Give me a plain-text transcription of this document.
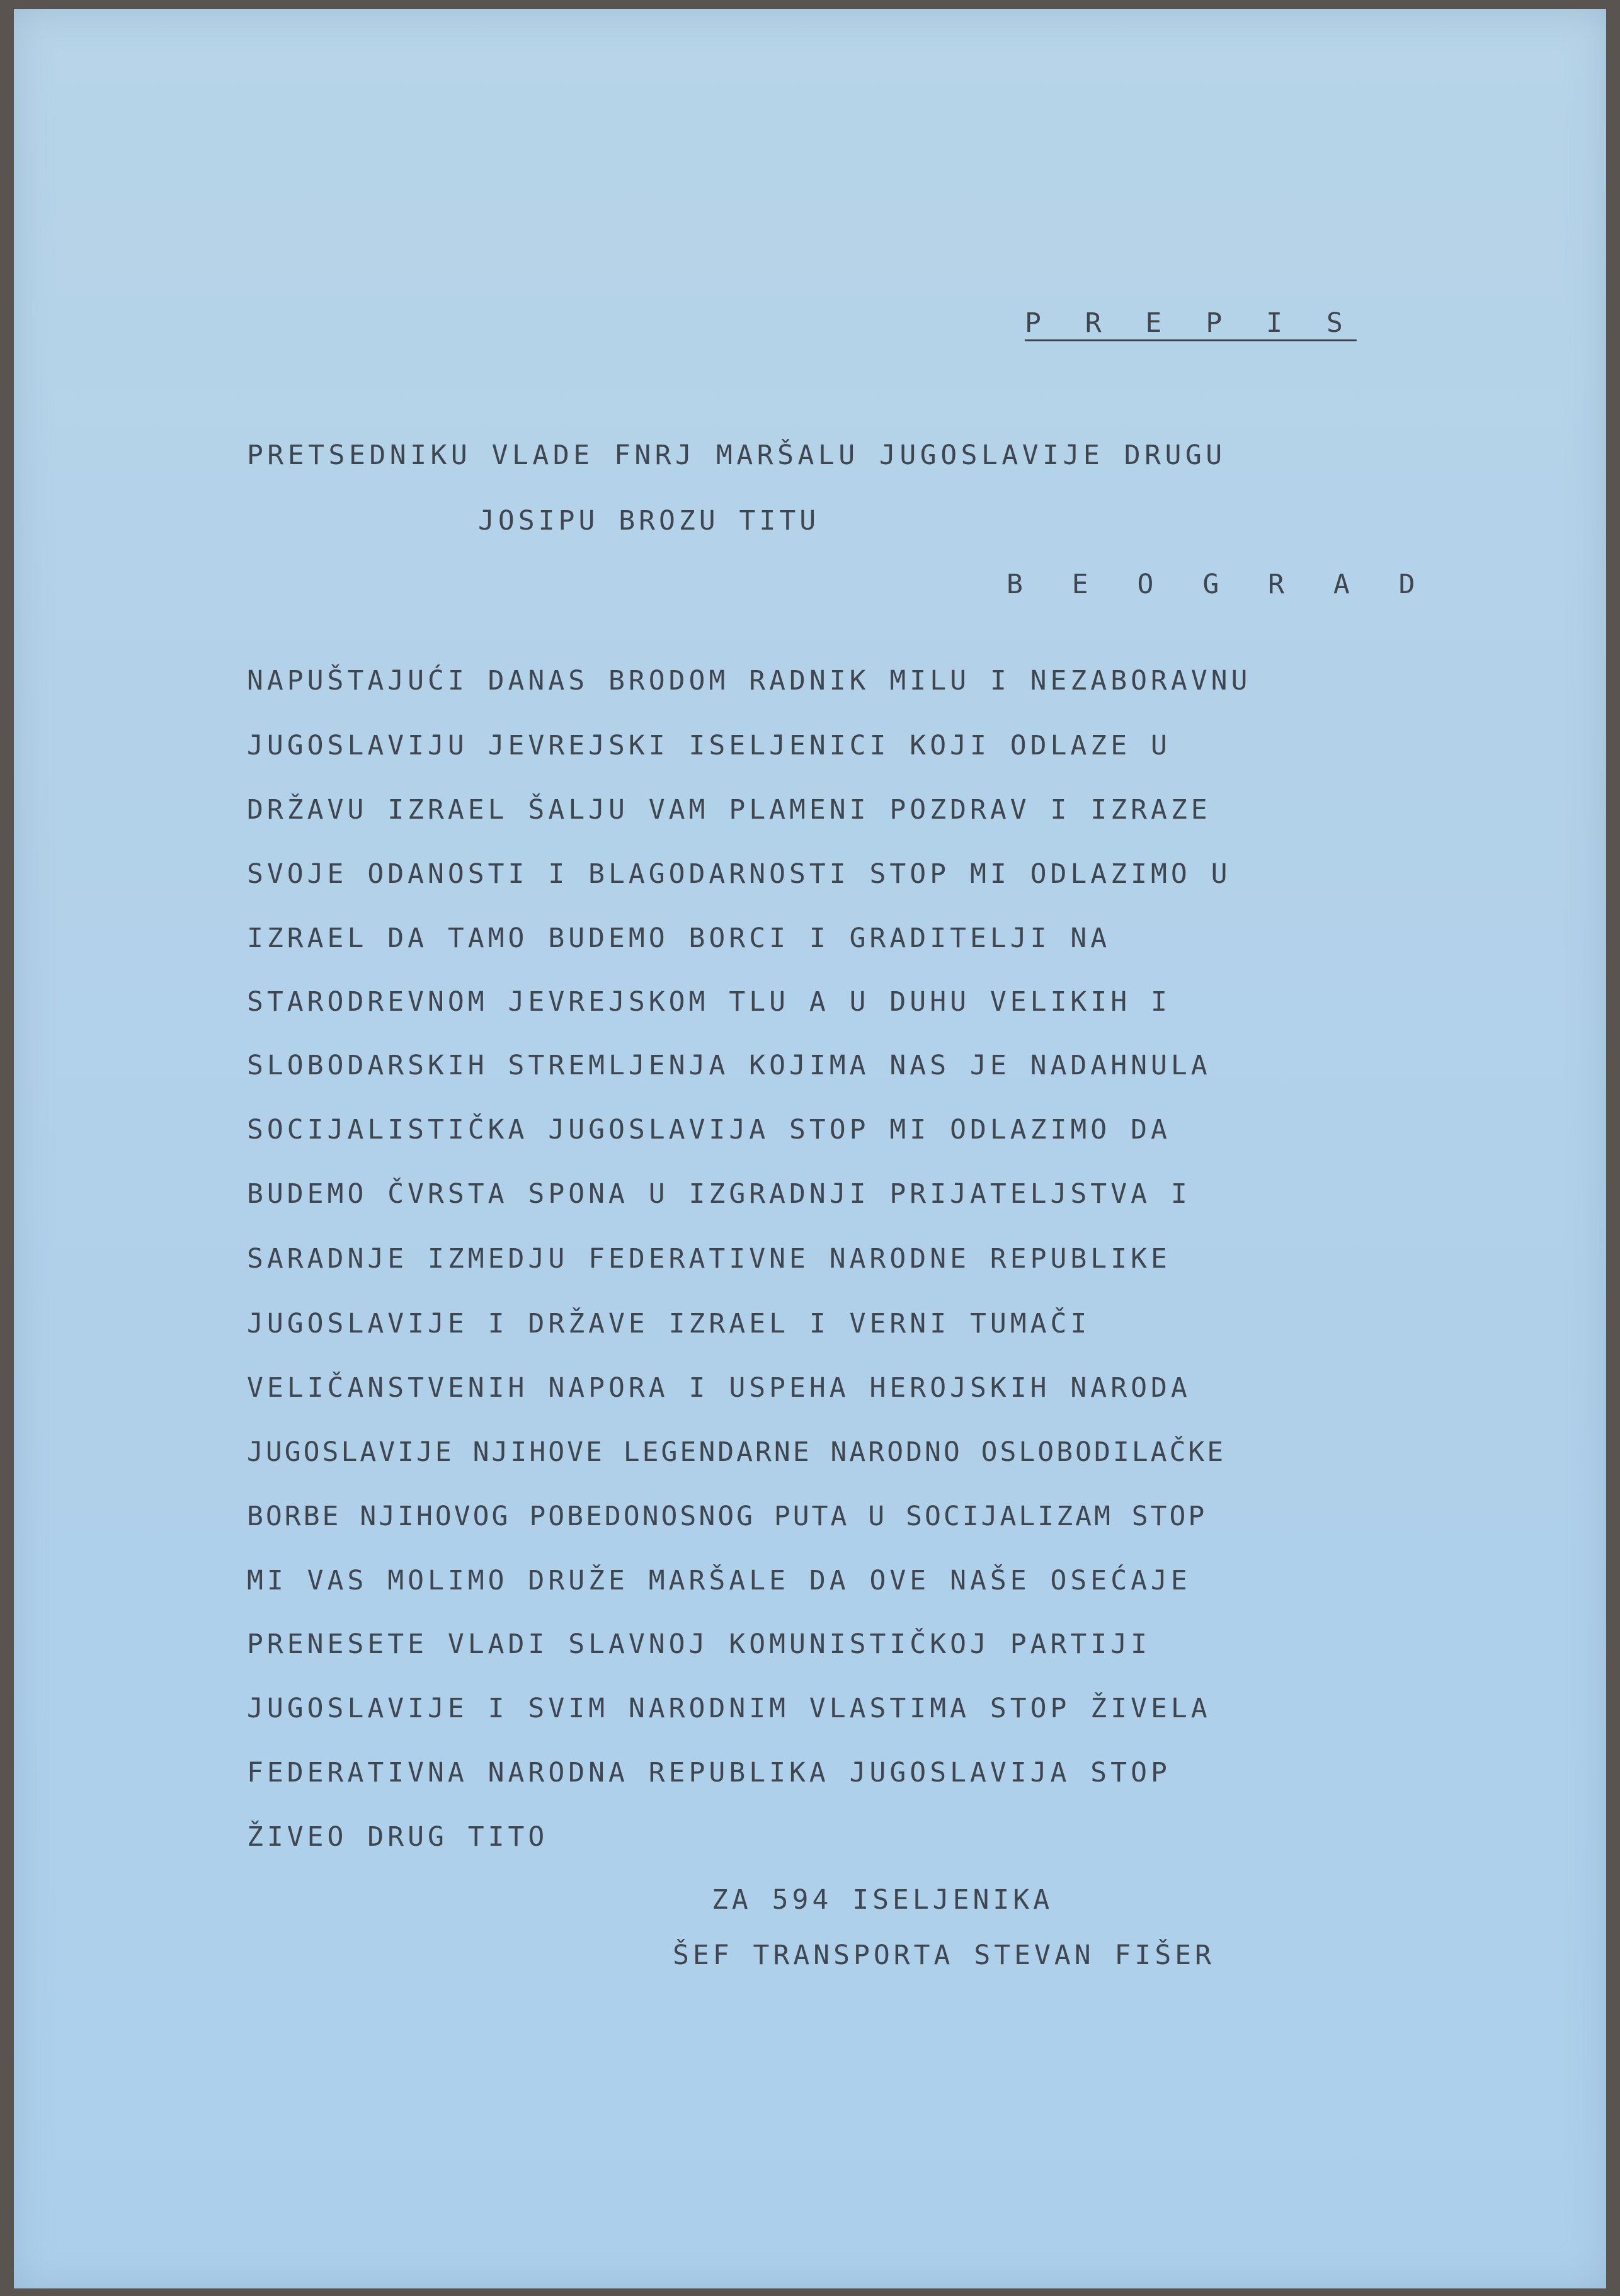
P R E P I S
PRETSEDNIKU VLADE FNRJ MARŠALU JUGOSLAVIJE DRUGU
JOSIPU BROZU TITU
B E O G R A D
NAPUŠTAJUĆI DANAS BRODOM RADNIK MILU I NEZABORAVNU
JUGOSLAVIJU JEVREJSKI ISELJENICI KOJI ODLAZE U
DRŽAVU IZRAEL ŠALJU VAM PLAMENI POZDRAV I IZRAZE
SVOJE ODANOSTI I BLAGODARNOSTI STOP MI ODLAZIMO U
IZRAEL DA TAMO BUDEMO BORCI I GRADITELJI NA
STARODREVNOM JEVREJSKOM TLU A U DUHU VELIKIH I
SLOBODARSKIH STREMLJENJA KOJIMA NAS JE NADAHNULA
SOCIJALISTIČKA JUGOSLAVIJA STOP MI ODLAZIMO DA
BUDEMO ČVRSTA SPONA U IZGRADNJI PRIJATELJSTVA I
SARADNJE IZMEDJU FEDERATIVNE NARODNE REPUBLIKE
JUGOSLAVIJE I DRŽAVE IZRAEL I VERNI TUMAČI
VELIČANSTVENIH NAPORA I USPEHA HEROJSKIH NARODA
JUGOSLAVIJE NJIHOVE LEGENDARNE NARODNO OSLOBODILAČKE
BORBE NJIHOVOG POBEDONOSNOG PUTA U SOCIJALIZAM STOP
MI VAS MOLIMO DRUŽE MARŠALE DA OVE NAŠE OSEĆAJE
PRENESETE VLADI SLAVNOJ KOMUNISTIČKOJ PARTIJI
JUGOSLAVIJE I SVIM NARODNIM VLASTIMA STOP ŽIVELA
FEDERATIVNA NARODNA REPUBLIKA JUGOSLAVIJA STOP
ŽIVEO DRUG TITO
ZA 594 ISELJENIKA
ŠEF TRANSPORTA STEVAN FIŠER
